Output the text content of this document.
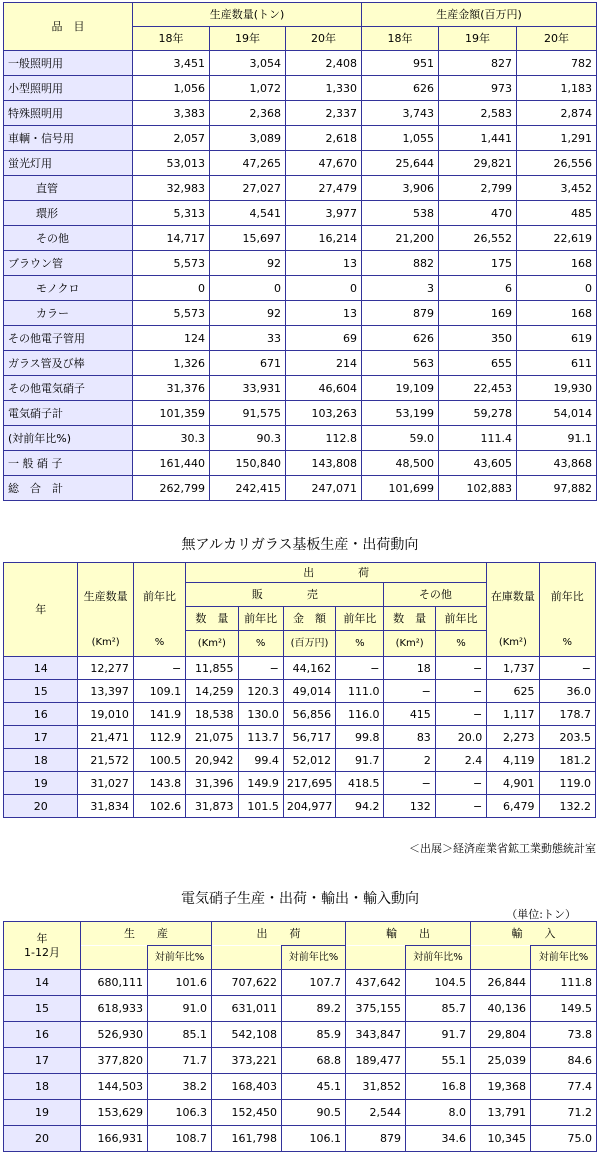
品　目	生産数量(トン)			生産金額(百万円)		
	18年	19年	20年	18年	19年	20年
一般照明用	3,451	3,054	2,408	951	827	782
小型照明用	1,056	1,072	1,330	626	973	1,183
特殊照明用	3,383	2,368	2,337	3,743	2,583	2,874
車輌・信号用	2,057	3,089	2,618	1,055	1,441	1,291
蛍光灯用	53,013	47,265	47,670	25,644	29,821	26,556
直管	32,983	27,027	27,479	3,906	2,799	3,452
環形	5,313	4,541	3,977	538	470	485
その他	14,717	15,697	16,214	21,200	26,552	22,619
ブラウン管	5,573	92	13	882	175	168
モノクロ	0	0	0	3	6	0
カラー	5,573	92	13	879	169	168
その他電子管用	124	33	69	626	350	619
ガラス管及び棒	1,326	671	214	563	655	611
その他電気硝子	31,376	33,931	46,604	19,109	22,453	19,930
電気硝子計	101,359	91,575	103,263	53,199	59,278	54,014
(対前年比%)	30.3	90.3	112.8	59.0	111.4	91.1
一 般 硝 子	161,440	150,840	143,808	48,500	43,605	43,868
総　合　計	262,799	242,415	247,071	101,699	102,883	97,882
無アルカリガラス基板生産・出荷動向
年	生産数量	前年比	出　　　　荷						在庫数量	前年比
			販　　　　売				その他			
			数　量	前年比	金　額	前年比	数　量	前年比		
	(Km²)	%	(Km²)	%	(百万円)	%	(Km²)	%	(Km²)	%
14	12,277	−	11,855	−	44,162	−	18	−	1,737	−
15	13,397	109.1	14,259	120.3	49,014	111.0	−	−	625	36.0
16	19,010	141.9	18,538	130.0	56,856	116.0	415	−	1,117	178.7
17	21,471	112.9	21,075	113.7	56,717	99.8	83	20.0	2,273	203.5
18	21,572	100.5	20,942	99.4	52,012	91.7	2	2.4	4,119	181.2
19	31,027	143.8	31,396	149.9	217,695	418.5	−	−	4,901	119.0
20	31,834	102.6	31,873	101.5	204,977	94.2	132	−	6,479	132.2
＜出展＞経済産業省鉱工業動態統計室
電気硝子生産・出荷・輸出・輸入動向
（単位:トン）
年
1-12月	生　　産		出　　荷		輸　　出		輸　　入	
		対前年比%		対前年比%		対前年比%		対前年比%
14	680,111	101.6	707,622	107.7	437,642	104.5	26,844	111.8
15	618,933	91.0	631,011	89.2	375,155	85.7	40,136	149.5
16	526,930	85.1	542,108	85.9	343,847	91.7	29,804	73.8
17	377,820	71.7	373,221	68.8	189,477	55.1	25,039	84.6
18	144,503	38.2	168,403	45.1	31,852	16.8	19,368	77.4
19	153,629	106.3	152,450	90.5	2,544	8.0	13,791	71.2
20	166,931	108.7	161,798	106.1	879	34.6	10,345	75.0
